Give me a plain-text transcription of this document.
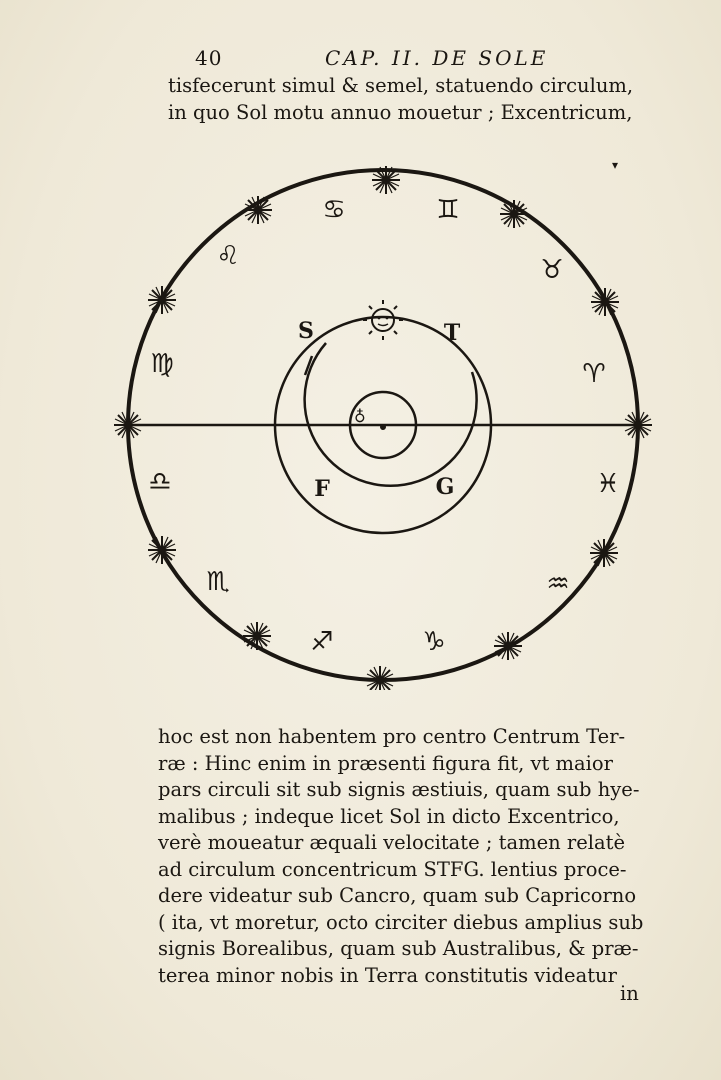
40	CAP. II. DE SOLE
tisfecerunt simul & semel, statuendo circulum,
in quo Sol motu annuo mouetur ; Excentricum,
▾
♈
♉
♊
♋
♌
♍
♎
♏
♐	♑
♒
♓
♁
S	T
F	G
hoc est non habentem pro centro Centrum Ter-
ræ : Hinc enim in præsenti figura fit, vt maior
pars circuli sit sub signis æstiuis, quam sub hye-
malibus ; indeque licet Sol in dicto Excentrico,
verè moueatur æquali velocitate ; tamen relatè
ad circulum concentricum STFG. lentius proce-
dere videatur sub Cancro, quam sub Capricorno
( ita, vt moretur, octo circiter diebus amplius sub
signis Borealibus, quam sub Australibus, & præ-
terea minor nobis in Terra constitutis videatur
in
